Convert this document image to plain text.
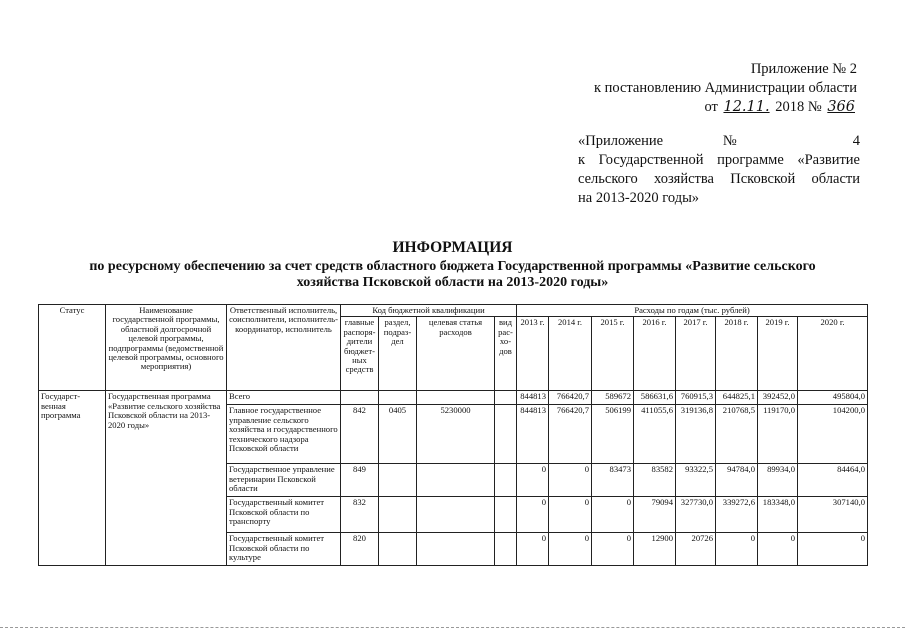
Приложение № 2
к постановлению Администрации области
от 12.11. 2018 № 366
«Приложение № 4
к Государственной программе «Развитие
сельского хозяйства Псковской области
на 2013-2020 годы»
ИНФОРМАЦИЯ
по ресурсному обеспечению за счет средств областного бюджета Государственной программы «Развитие сельского
хозяйства Псковской области на 2013-2020 годы»
Статус	Наименование государственной программы, областной долгосрочной целевой программы, подпрограммы (ведомственной целевой программы, основного мероприятия)	Ответственный исполнитель, соисполнители, исполнитель-координатор, исполнитель	Код бюджетной квалификации				Расходы по годам (тыс. рублей)							
			главные распоря-дители бюджет-ных средств	раздел, подраз-дел	целевая статья расходов	вид рас-хо-дов	2013 г.	2014 г.	2015 г.	2016 г.	2017 г.	2018 г.	2019 г.	2020 г.
Государст-венная программа	Государственная программа «Развитие сельского хозяйства Псковской области на 2013-2020 годы»	Всего					844813	766420,7	589672	586631,6	760915,3	644825,1	392452,0	495804,0
		Главное государственное управление сельского хозяйства и государственного технического надзора Псковской области	842	0405	5230000		844813	766420,7	506199	411055,6	319136,8	210768,5	119170,0	104200,0
		Государственное управление ветеринарии Псковской области	849				0	0	83473	83582	93322,5	94784,0	89934,0	84464,0
		Государственный комитет Псковской области по транспорту	832				0	0	0	79094	327730,0	339272,6	183348,0	307140,0
		Государственный комитет Псковской области по культуре	820				0	0	0	12900	20726	0	0	0
